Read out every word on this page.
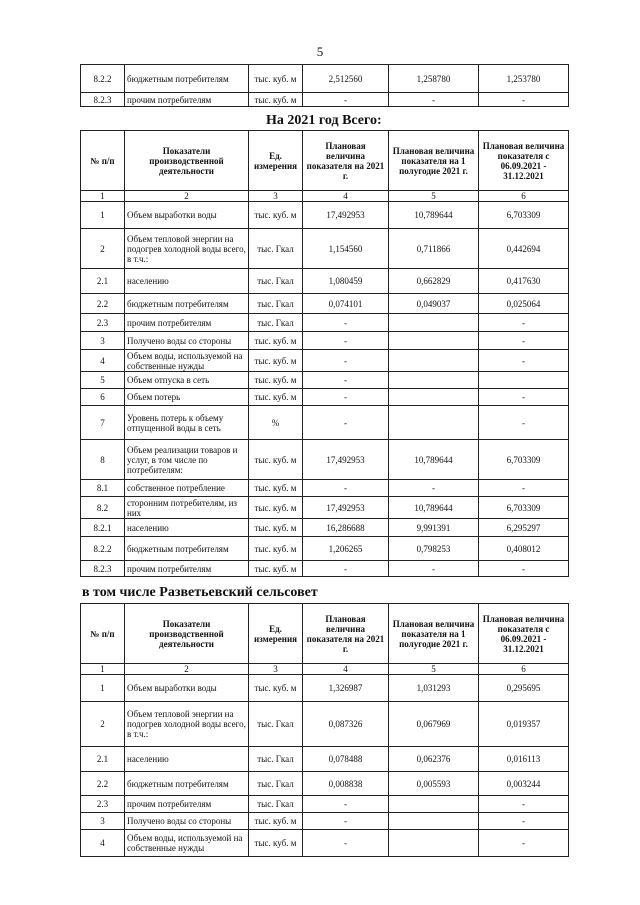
5
8.2.2	бюджетным потребителям	тыс. куб. м	2,512560	1,258780	1,253780
8.2.3	прочим потребителям	тыс. куб. м	-	-	-
На 2021 год Всего:
№ п/п	Показатели производственной деятельности	Ед. измерения	Плановая величина показателя на 2021 г.	Плановая величина показателя на 1 полугодие 2021 г.	Плановая величина показателя с 06.09.2021 - 31.12.2021
1	2	3	4	5	6
1	Объем выработки воды	тыс. куб. м	17,492953	10,789644	6,703309
2	Объем тепловой энергии на подогрев холодной воды всего, в т.ч.:	тыс. Гкал	1,154560	0,711866	0,442694
2.1	населению	тыс. Гкал	1,080459	0,662829	0,417630
2.2	бюджетным потребителям	тыс. Гкал	0,074101	0,049037	0,025064
2.3	прочим потребителям	тыс. Гкал	-		-
3	Получено воды со стороны	тыс. куб. м	-		-
4	Объем воды, используемой на собственные нужды	тыс. куб. м	-		-
5	Объем отпуска в сеть	тыс. куб. м	-		
6	Объем потерь	тыс. куб. м	-		-
7	Уровень потерь к объему отпущенной воды в сеть	%	-		-
8	Объем реализации товаров и услуг, в том числе по потребителям:	тыс. куб. м	17,492953	10,789644	6,703309
8.1	собственное потребление	тыс. куб. м	-	-	-
8.2	сторонним потребителям, из них	тыс. куб. м	17,492953	10,789644	6,703309
8.2.1	населению	тыс. куб. м	16,286688	9,991391	6,295297
8.2.2	бюджетным потребителям	тыс. куб. м	1,206265	0,798253	0,408012
8.2.3	прочим потребителям	тыс. куб. м	-	-	-
в том числе Разветьевский сельсовет
№ п/п	Показатели производственной деятельности	Ед. измерения	Плановая величина показателя на 2021 г.	Плановая величина показателя на 1 полугодие 2021 г.	Плановая величина показателя с 06.09.2021 - 31.12.2021
1	2	3	4	5	6
1	Объем выработки воды	тыс. куб. м	1,326987	1,031293	0,295695
2	Объем тепловой энергии на подогрев холодной воды всего, в т.ч.:	тыс. Гкал	0,087326	0,067969	0,019357
2.1	населению	тыс. Гкал	0,078488	0,062376	0,016113
2.2	бюджетным потребителям	тыс. Гкал	0,008838	0,005593	0,003244
2.3	прочим потребителям	тыс. Гкал	-		-
3	Получено воды со стороны	тыс. куб. м	-		-
4	Объем воды, используемой на собственные нужды	тыс. куб. м	-		-
